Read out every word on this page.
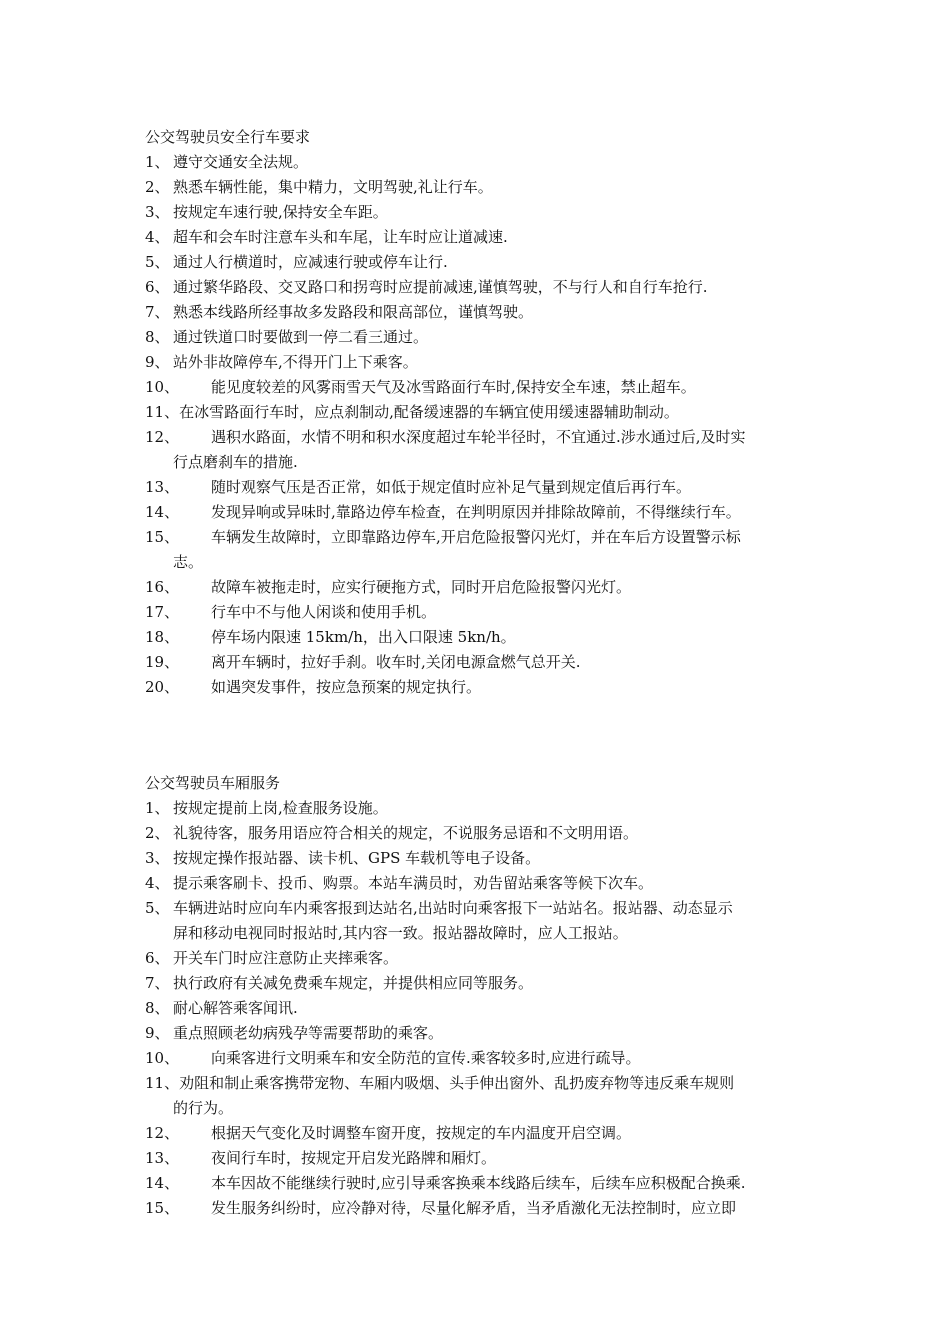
公交驾驶员安全行车要求
1、 遵守交通安全法规。
2、 熟悉车辆性能，集中精力，文明驾驶,礼让行车。
3、 按规定车速行驶,保持安全车距。
4、 超车和会车时注意车头和车尾，让车时应让道减速.
5、 通过人行横道时，应减速行驶或停车让行.
6、 通过繁华路段、交叉路口和拐弯时应提前减速,谨慎驾驶，不与行人和自行车抢行.
7、 熟悉本线路所经事故多发路段和限高部位，谨慎驾驶。
8、 通过铁道口时要做到一停二看三通过。
9、 站外非故障停车,不得开门上下乘客。
10、	能见度较差的风雾雨雪天气及冰雪路面行车时,保持安全车速，禁止超车。
11、 在冰雪路面行车时，应点刹制动,配备缓速器的车辆宜使用缓速器辅助制动。
12、	遇积水路面，水情不明和积水深度超过车轮半径时，不宜通过.涉水通过后,及时实
行点磨刹车的措施.
13、	随时观察气压是否正常，如低于规定值时应补足气量到规定值后再行车。
14、	发现异响或异味时,靠路边停车检查，在判明原因并排除故障前，不得继续行车。
15、	车辆发生故障时，立即靠路边停车,开启危险报警闪光灯，并在车后方设置警示标
志。
16、	故障车被拖走时，应实行硬拖方式，同时开启危险报警闪光灯。
17、	行车中不与他人闲谈和使用手机。
18、	停车场内限速 15km/h，出入口限速 5kn/h。
19、	离开车辆时，拉好手刹。收车时,关闭电源盒燃气总开关.
20、	如遇突发事件，按应急预案的规定执行。
公交驾驶员车厢服务
1、 按规定提前上岗,检查服务设施。
2、 礼貌待客，服务用语应符合相关的规定，不说服务忌语和不文明用语。
3、 按规定操作报站器、读卡机、GPS 车载机等电子设备。
4、 提示乘客刷卡、投币、购票。本站车满员时，劝告留站乘客等候下次车。
5、 车辆进站时应向车内乘客报到达站名,出站时向乘客报下一站站名。报站器、动态显示
屏和移动电视同时报站时,其内容一致。报站器故障时，应人工报站。
6、 开关车门时应注意防止夹摔乘客。
7、 执行政府有关减免费乘车规定，并提供相应同等服务。
8、 耐心解答乘客闻讯.
9、 重点照顾老幼病残孕等需要帮助的乘客。
10、	向乘客进行文明乘车和安全防范的宣传.乘客较多时,应进行疏导。
11、 劝阻和制止乘客携带宠物、车厢内吸烟、头手伸出窗外、乱扔废弃物等违反乘车规则
的行为。
12、	根据天气变化及时调整车窗开度，按规定的车内温度开启空调。
13、	夜间行车时，按规定开启发光路牌和厢灯。
14、	本车因故不能继续行驶时,应引导乘客换乘本线路后续车，后续车应积极配合换乘.
15、	发生服务纠纷时，应冷静对待，尽量化解矛盾，当矛盾激化无法控制时，应立即
